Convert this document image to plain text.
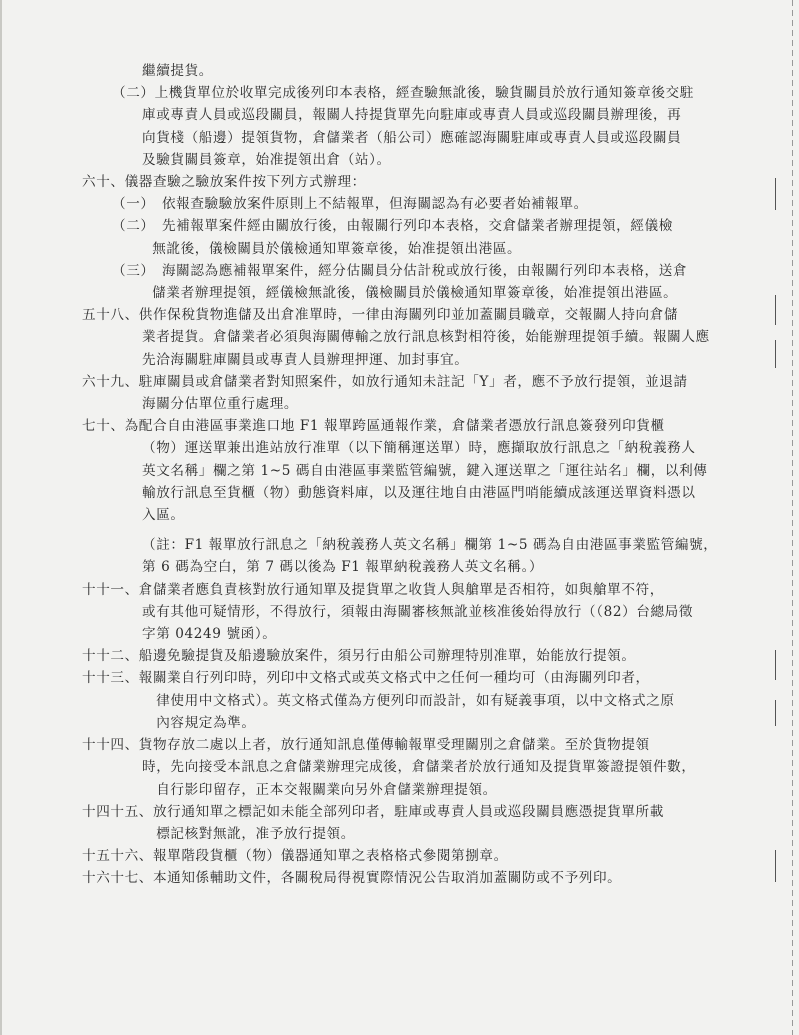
繼續提貨。
（二）上機貨單位於收單完成後列印本表格，經查驗無訛後，驗貨關員於放行通知簽章後交駐
庫或專責人員或巡段關員，報關人持提貨單先向駐庫或專責人員或巡段關員辦理後，再
向貨棧（船邊）提領貨物，倉儲業者（船公司）應確認海關駐庫或專責人員或巡段關員
及驗貨關員簽章，始准提領出倉（站）。
六十、儀器查驗之驗放案件按下列方式辦理：
（一）　依報查驗驗放案件原則上不結報單，但海關認為有必要者始補報單。
（二）　先補報單案件經由關放行後，由報關行列印本表格，交倉儲業者辦理提領，經儀檢
　無訛後，儀檢關員於儀檢通知單簽章後，始准提領出港區。
（三）　海關認為應補報單案件，經分估關員分估計稅或放行後，由報關行列印本表格，送倉
　儲業者辦理提領，經儀檢無訛後，儀檢關員於儀檢通知單簽章後，始准提領出港區。
五十八、供作保稅貨物進儲及出倉准單時，一律由海關列印並加蓋關員職章，交報關人持向倉儲
業者提貨。倉儲業者必須與海關傳輸之放行訊息核對相符後，始能辦理提領手續。報關人應
先洽海關駐庫關員或專責人員辦理押運、加封事宜。
六十九、駐庫關員或倉儲業者對知照案件，如放行通知未註記「Y」者，應不予放行提領，並退請
海關分估單位重行處理。
七十、為配合自由港區事業進口地 F1 報單跨區通報作業，倉儲業者憑放行訊息簽發列印貨櫃
（物）運送單兼出進站放行准單（以下簡稱運送單）時，應擷取放行訊息之「納稅義務人
英文名稱」欄之第 1~5 碼自由港區事業監管編號，鍵入運送單之「運往站名」欄，以利傳
輸放行訊息至貨櫃（物）動態資料庫，以及運往地自由港區門哨能續成該運送單資料憑以
入區。
（註：F1 報單放行訊息之「納稅義務人英文名稱」欄第 1~5 碼為自由港區事業監管編號，
第 6 碼為空白，第 7 碼以後為 F1 報單納稅義務人英文名稱。）
十十一、倉儲業者應負責核對放行通知單及提貨單之收貨人與艙單是否相符，如與艙單不符，
或有其他可疑情形，不得放行，須報由海關審核無訛並核准後始得放行（（82）台總局徵
字第 04249 號函）。
十十二、船邊免驗提貨及船邊驗放案件，須另行由船公司辦理特別准單，始能放行提領。
十十三、報關業自行列印時，列印中文格式或英文格式中之任何一種均可（由海關列印者，
　律使用中文格式）。英文格式僅為方便列印而設計，如有疑義事項，以中文格式之原
　內容規定為準。
十十四、貨物存放二處以上者，放行通知訊息僅傳輸報單受理關別之倉儲業。至於貨物提領
時，先向接受本訊息之倉儲業辦理完成後，倉儲業者於放行通知及提貨單簽證提領件數，
　自行影印留存，正本交報關業向另外倉儲業辦理提領。
十四十五、放行通知單之標記如未能全部列印者，駐庫或專責人員或巡段關員應憑提貨單所載
　標記核對無訛，准予放行提領。
十五十六、報單階段貨櫃（物）儀器通知單之表格格式參閱第捌章。
十六十七、本通知係輔助文件，各關稅局得視實際情況公告取消加蓋關防或不予列印。
